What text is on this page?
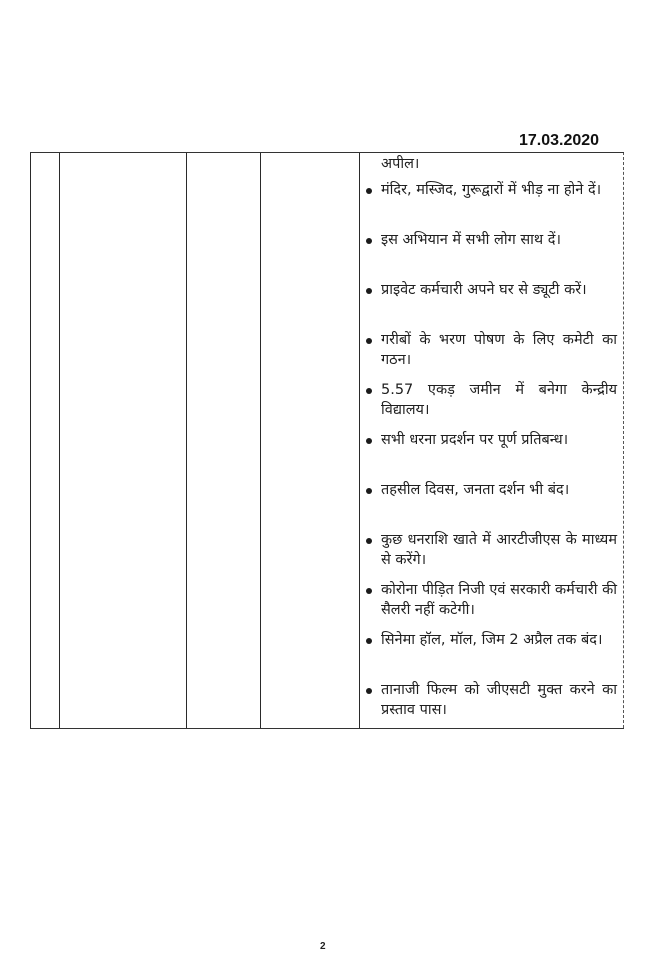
17.03.2020
अपील।
मंदिर, मस्जिद, गुरूद्वारों में भीड़ ना होने दें।
इस अभियान में सभी लोग साथ दें।
प्राइवेट कर्मचारी अपने घर से ड्यूटी करें।
गरीबों के भरण पोषण के लिए कमेटी का गठन।
5.57 एकड़ जमीन में बनेगा केन्द्रीय विद्यालय।
सभी धरना प्रदर्शन पर पूर्ण प्रतिबन्ध।
तहसील दिवस, जनता दर्शन भी बंद।
कुछ धनराशि खाते में आरटीजीएस के माध्यम से करेंगे।
कोरोना पीड़ित निजी एवं सरकारी कर्मचारी की सैलरी नहीं कटेगी।
सिनेमा हॉल, मॉल, जिम 2 अप्रैल तक बंद।
तानाजी फिल्म को जीएसटी मुक्त करने का प्रस्ताव पास।
2
